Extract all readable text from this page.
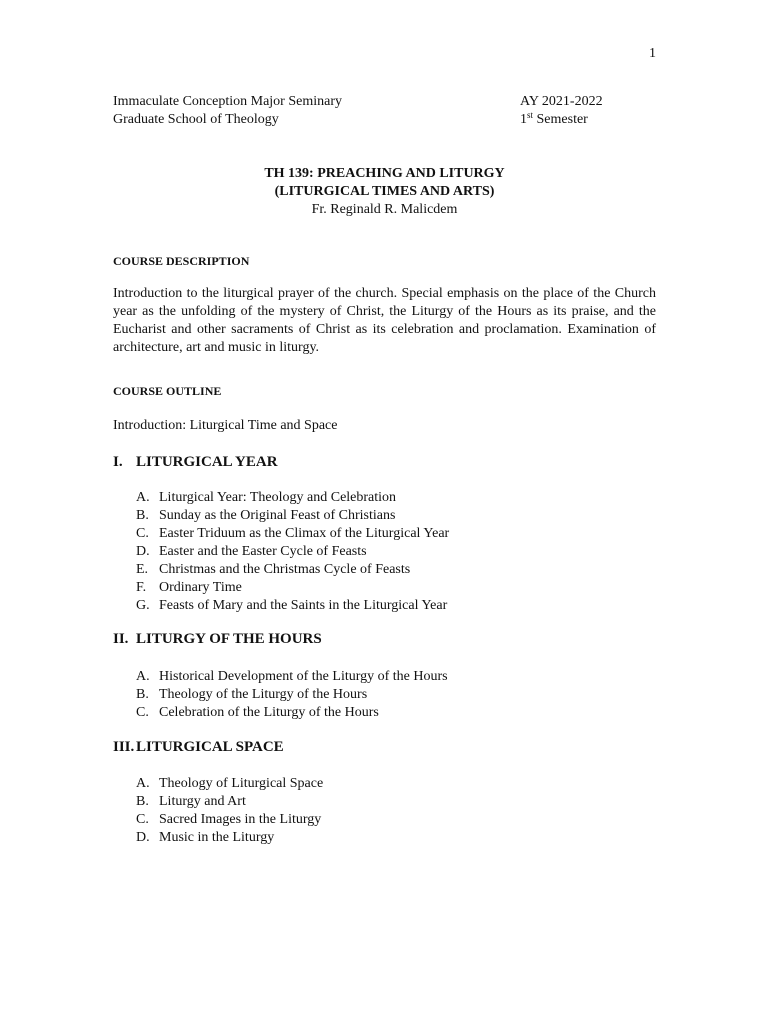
1
Immaculate Conception Major Seminary	AY 2021-2022
Graduate School of Theology	1st Semester
TH 139: PREACHING AND LITURGY
(LITURGICAL TIMES AND ARTS)
Fr. Reginald R. Malicdem
COURSE DESCRIPTION
Introduction to the liturgical prayer of the church. Special emphasis on the place of the Church year as the unfolding of the mystery of Christ, the Liturgy of the Hours as its praise, and the Eucharist and other sacraments of Christ as its celebration and proclamation. Examination of architecture, art and music in liturgy.
COURSE OUTLINE
Introduction: Liturgical Time and Space
I. LITURGICAL YEAR
A. Liturgical Year: Theology and Celebration
B. Sunday as the Original Feast of Christians
C. Easter Triduum as the Climax of the Liturgical Year
D. Easter and the Easter Cycle of Feasts
E. Christmas and the Christmas Cycle of Feasts
F. Ordinary Time
G. Feasts of Mary and the Saints in the Liturgical Year
II. LITURGY OF THE HOURS
A. Historical Development of the Liturgy of the Hours
B. Theology of the Liturgy of the Hours
C. Celebration of the Liturgy of the Hours
III. LITURGICAL SPACE
A. Theology of Liturgical Space
B. Liturgy and Art
C. Sacred Images in the Liturgy
D. Music in the Liturgy
